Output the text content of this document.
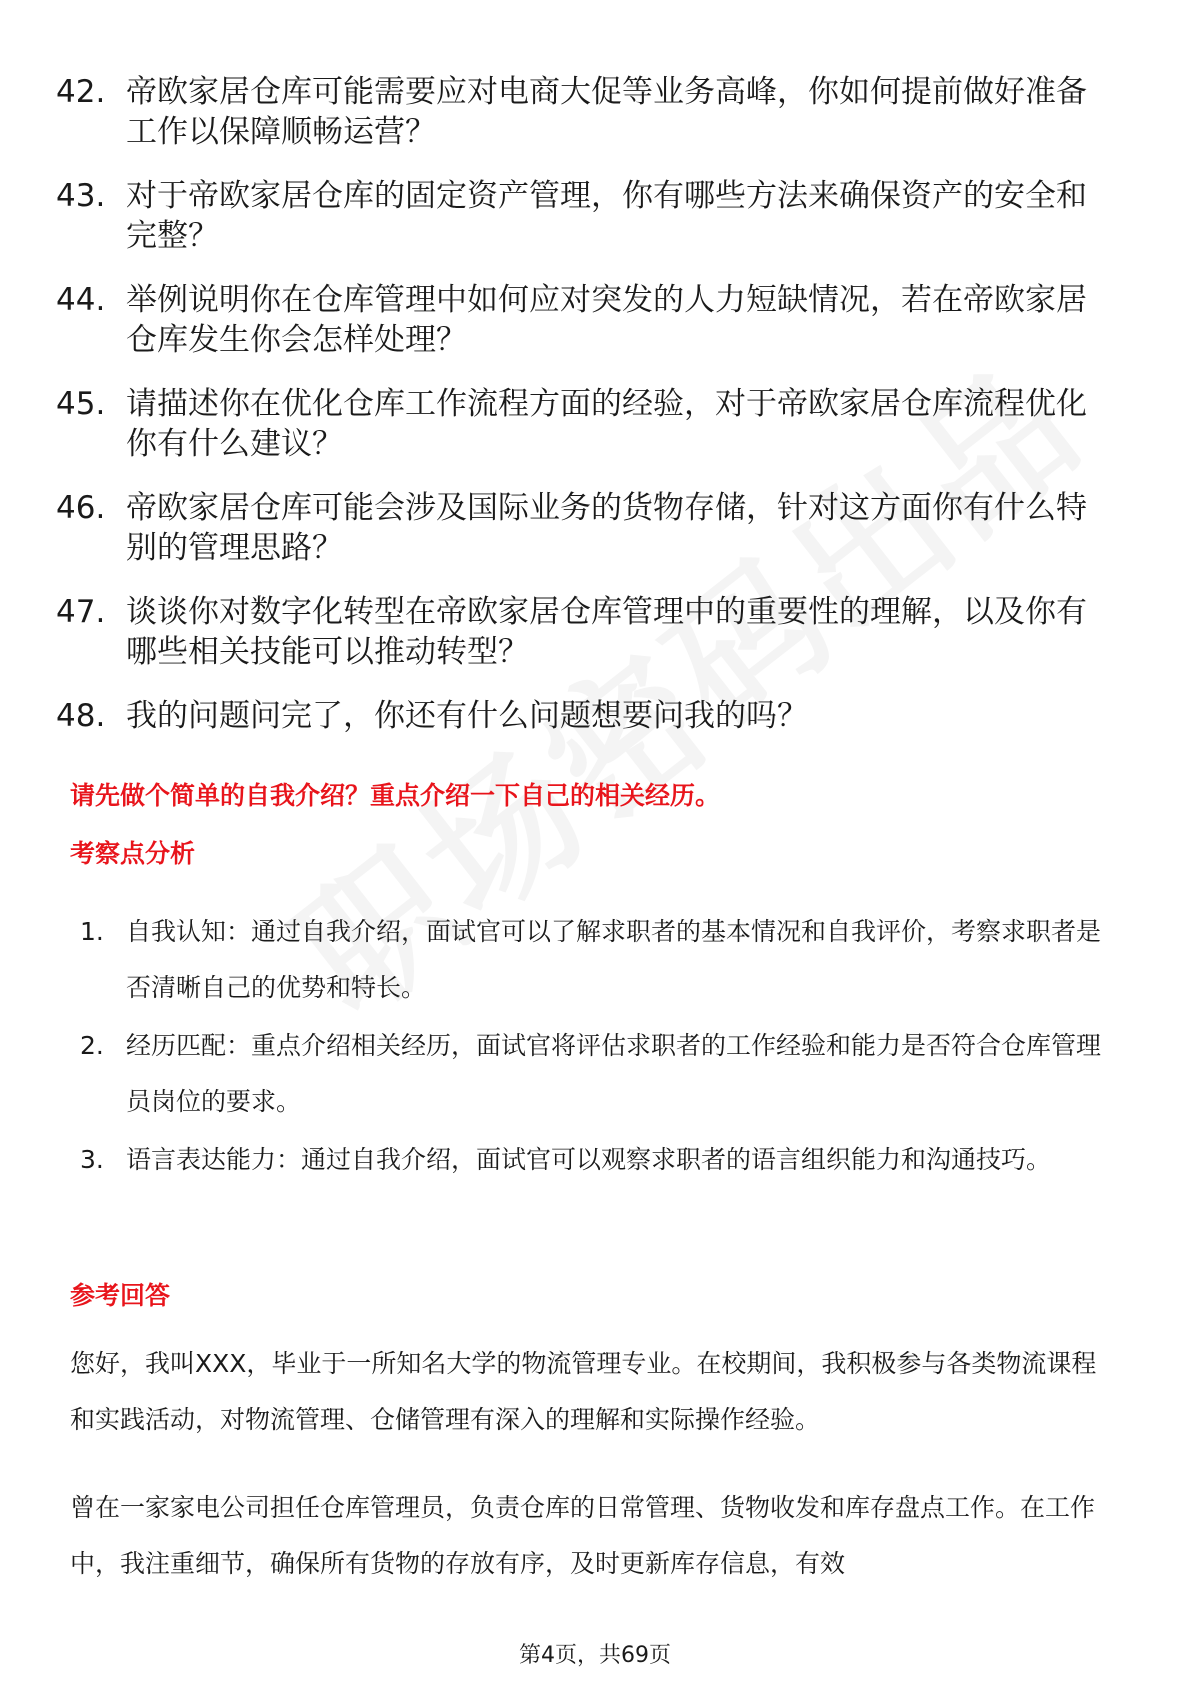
42. 帝欧家居仓库可能需要应对电商大促等业务高峰，你如何提前做好准备工作以保障顺畅运营？
43. 对于帝欧家居仓库的固定资产管理，你有哪些方法来确保资产的安全和完整？
44. 举例说明你在仓库管理中如何应对突发的人力短缺情况，若在帝欧家居仓库发生你会怎样处理？
45. 请描述你在优化仓库工作流程方面的经验，对于帝欧家居仓库流程优化你有什么建议？
46. 帝欧家居仓库可能会涉及国际业务的货物存储，针对这方面你有什么特别的管理思路？
47. 谈谈你对数字化转型在帝欧家居仓库管理中的重要性的理解，以及你有哪些相关技能可以推动转型？
48. 我的问题问完了，你还有什么问题想要问我的吗？
请先做个简单的自我介绍？重点介绍一下自己的相关经历。
考察点分析
1. 自我认知：通过自我介绍，面试官可以了解求职者的基本情况和自我评价，考察求职者是否清晰自己的优势和特长。
2. 经历匹配：重点介绍相关经历，面试官将评估求职者的工作经验和能力是否符合仓库管理员岗位的要求。
3. 语言表达能力：通过自我介绍，面试官可以观察求职者的语言组织能力和沟通技巧。
参考回答
您好，我叫XXX，毕业于一所知名大学的物流管理专业。在校期间，我积极参与各类物流课程和实践活动，对物流管理、仓储管理有深入的理解和实际操作经验。
曾在一家家电公司担任仓库管理员，负责仓库的日常管理、货物收发和库存盘点工作。在工作中，我注重细节，确保所有货物的存放有序，及时更新库存信息，有效
第4页，共69页
